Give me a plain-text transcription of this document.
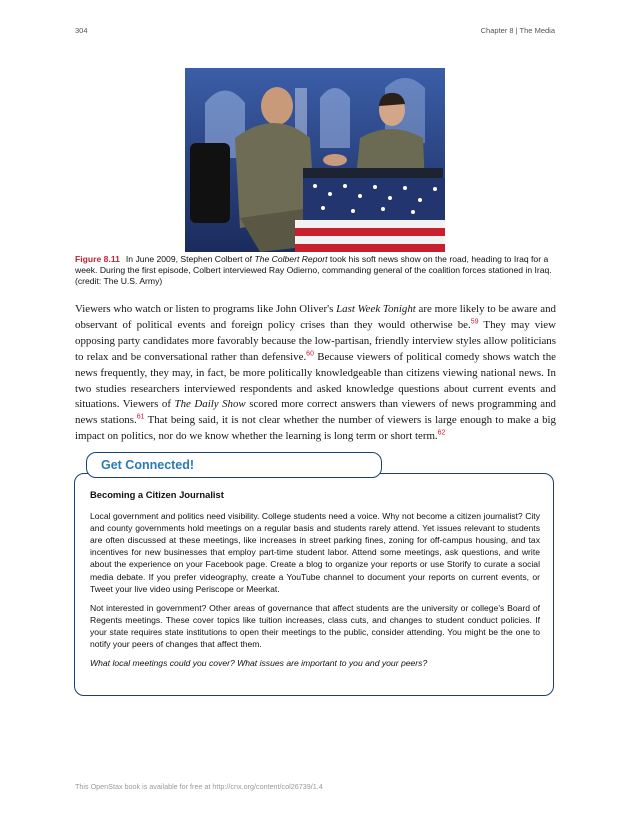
304	Chapter 8 | The Media
Figure 8.11 In June 2009, Stephen Colbert of The Colbert Report took his soft news show on the road, heading to Iraq for a week. During the first episode, Colbert interviewed Ray Odierno, commanding general of the coalition forces stationed in Iraq. (credit: The U.S. Army)

Viewers who watch or listen to programs like John Oliver's Last Week Tonight are more likely to be aware and observant of political events and foreign policy crises than they would otherwise be.$^{59}$ They may view opposing party candidates more favorably because the low-partisan, friendly interview styles allow politicians to relax and be conversational rather than defensive.$^{60}$ Because viewers of political comedy shows watch the news frequently, they may, in fact, be more politically knowledgeable than citizens viewing national news. In two studies researchers interviewed respondents and asked knowledge questions about current events and situations. Viewers of The Daily Show scored more correct answers than viewers of news programming and news stations.$^{61}$ That being said, it is not clear whether the number of viewers is large enough to make a big impact on politics, nor do we know whether the learning is long term or short term.$^{62}$

Get Connected!

Becoming a Citizen Journalist

Local government and politics need visibility. College students need a voice. Why not become a citizen journalist? City and county governments hold meetings on a regular basis and students rarely attend. Yet issues relevant to students are often discussed at these meetings, like increases in street parking fines, zoning for off-campus housing, and tax incentives for new businesses that employ part-time student labor. Attend some meetings, ask questions, and write about the experience on your Facebook page. Create a blog to organize your reports or use Storify to curate a social media debate. If you prefer videography, create a YouTube channel to document your reports on current events, or Tweet your live video using Periscope or Meerkat.

Not interested in government? Other areas of governance that affect students are the university or college's Board of Regents meetings. These cover topics like tuition increases, class cuts, and changes to student conduct policies. If your state requires state institutions to open their meetings to the public, consider attending. You might be the one to notify your peers of changes that affect them.

What local meetings could you cover? What issues are important to you and your peers?

This OpenStax book is available for free at http://cnx.org/content/col26739/1.4
